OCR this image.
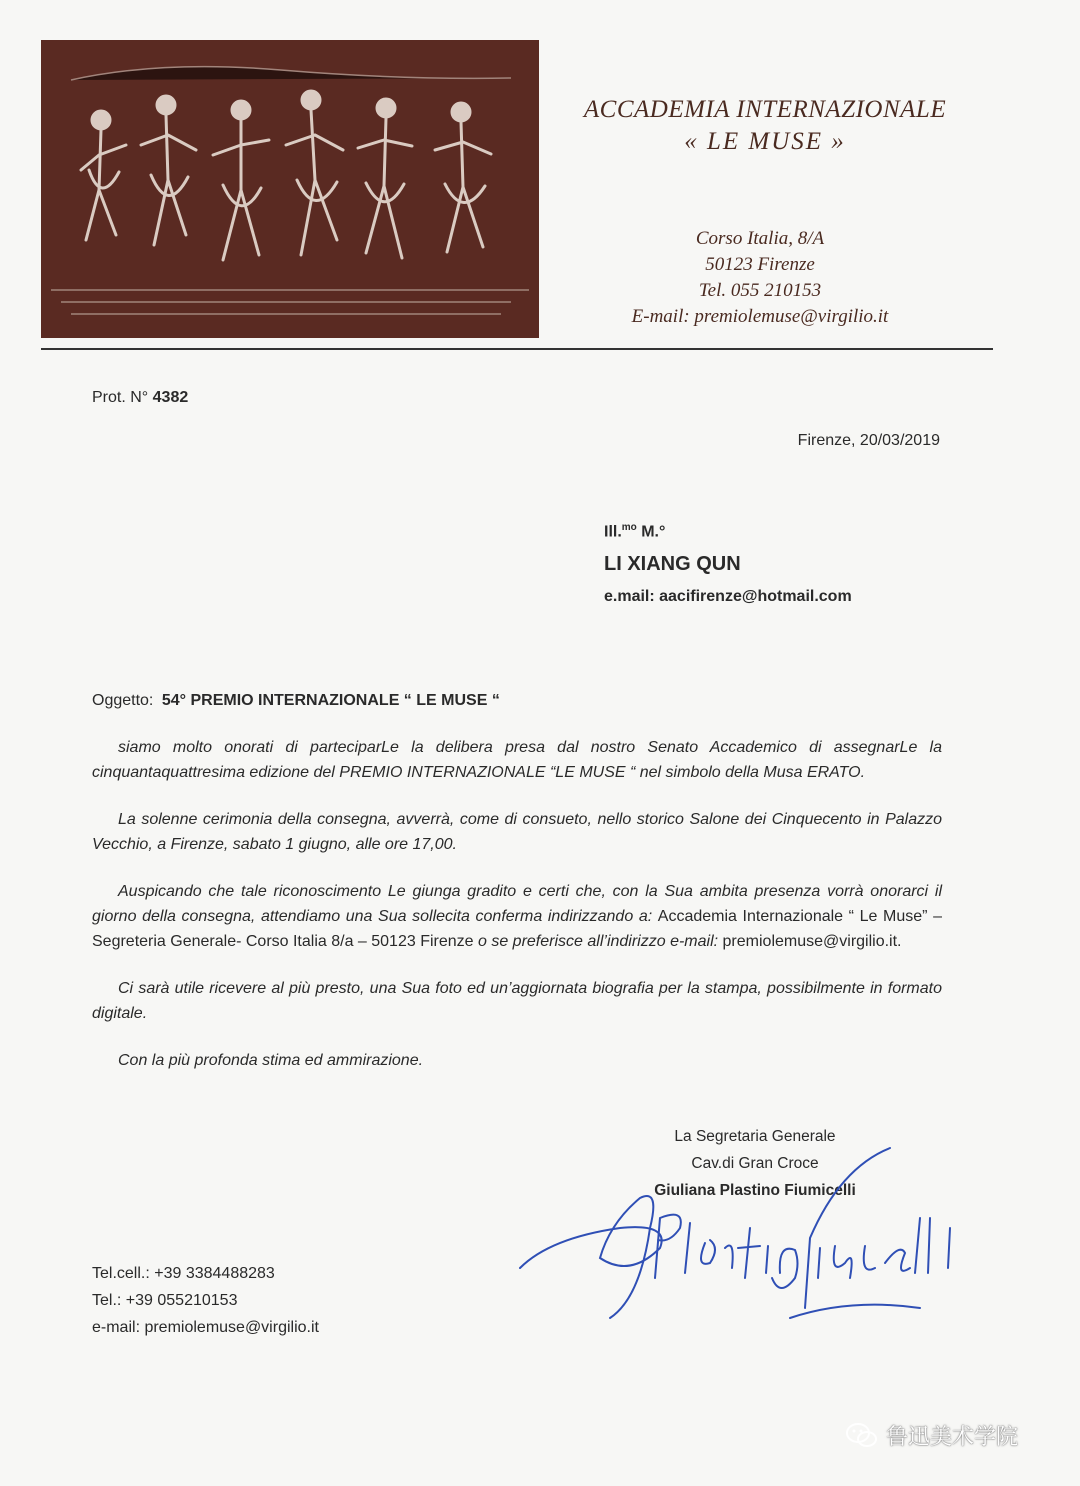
ACCADEMIA INTERNAZIONALE
« LE MUSE »
Corso Italia, 8/A
50123 Firenze
Tel. 055 210153
E-mail: premiolemuse@virgilio.it
Prot. N° 4382
Firenze, 20/03/2019
Ill.$^{mo}$ M.°
LI XIANG QUN
e.mail: aacifirenze@hotmail.com
Oggetto: 54° PREMIO INTERNAZIONALE “ LE MUSE “

siamo molto onorati di parteciparLe la delibera presa dal nostro Senato Accademico di assegnarLe la cinquantaquattresima edizione del PREMIO INTERNAZIONALE “LE MUSE “ nel simbolo della Musa ERATO.

La solenne cerimonia della consegna, avverrà, come di consueto, nello storico Salone dei Cinquecento in Palazzo Vecchio, a Firenze, sabato 1 giugno, alle ore 17,00.

Auspicando che tale riconoscimento Le giunga gradito e certi che, con la Sua ambita presenza vorrà onorarci il giorno della consegna, attendiamo una Sua sollecita conferma indirizzando a: Accademia Internazionale “ Le Muse” – Segreteria Generale- Corso Italia 8/a – 50123 Firenze o se preferisce all’indirizzo e-mail: premiolemuse@virgilio.it.

Ci sarà utile ricevere al più presto, una Sua foto ed un’aggiornata biografia per la stampa, possibilmente in formato digitale.

Con la più profonda stima ed ammirazione.

La Segretaria Generale
Cav.di Gran Croce
Giuliana Plastino Fiumicelli
Tel.cell.: +39 3384488283
Tel.: +39 055210153
e-mail: premiolemuse@virgilio.it
鲁迅美术学院
